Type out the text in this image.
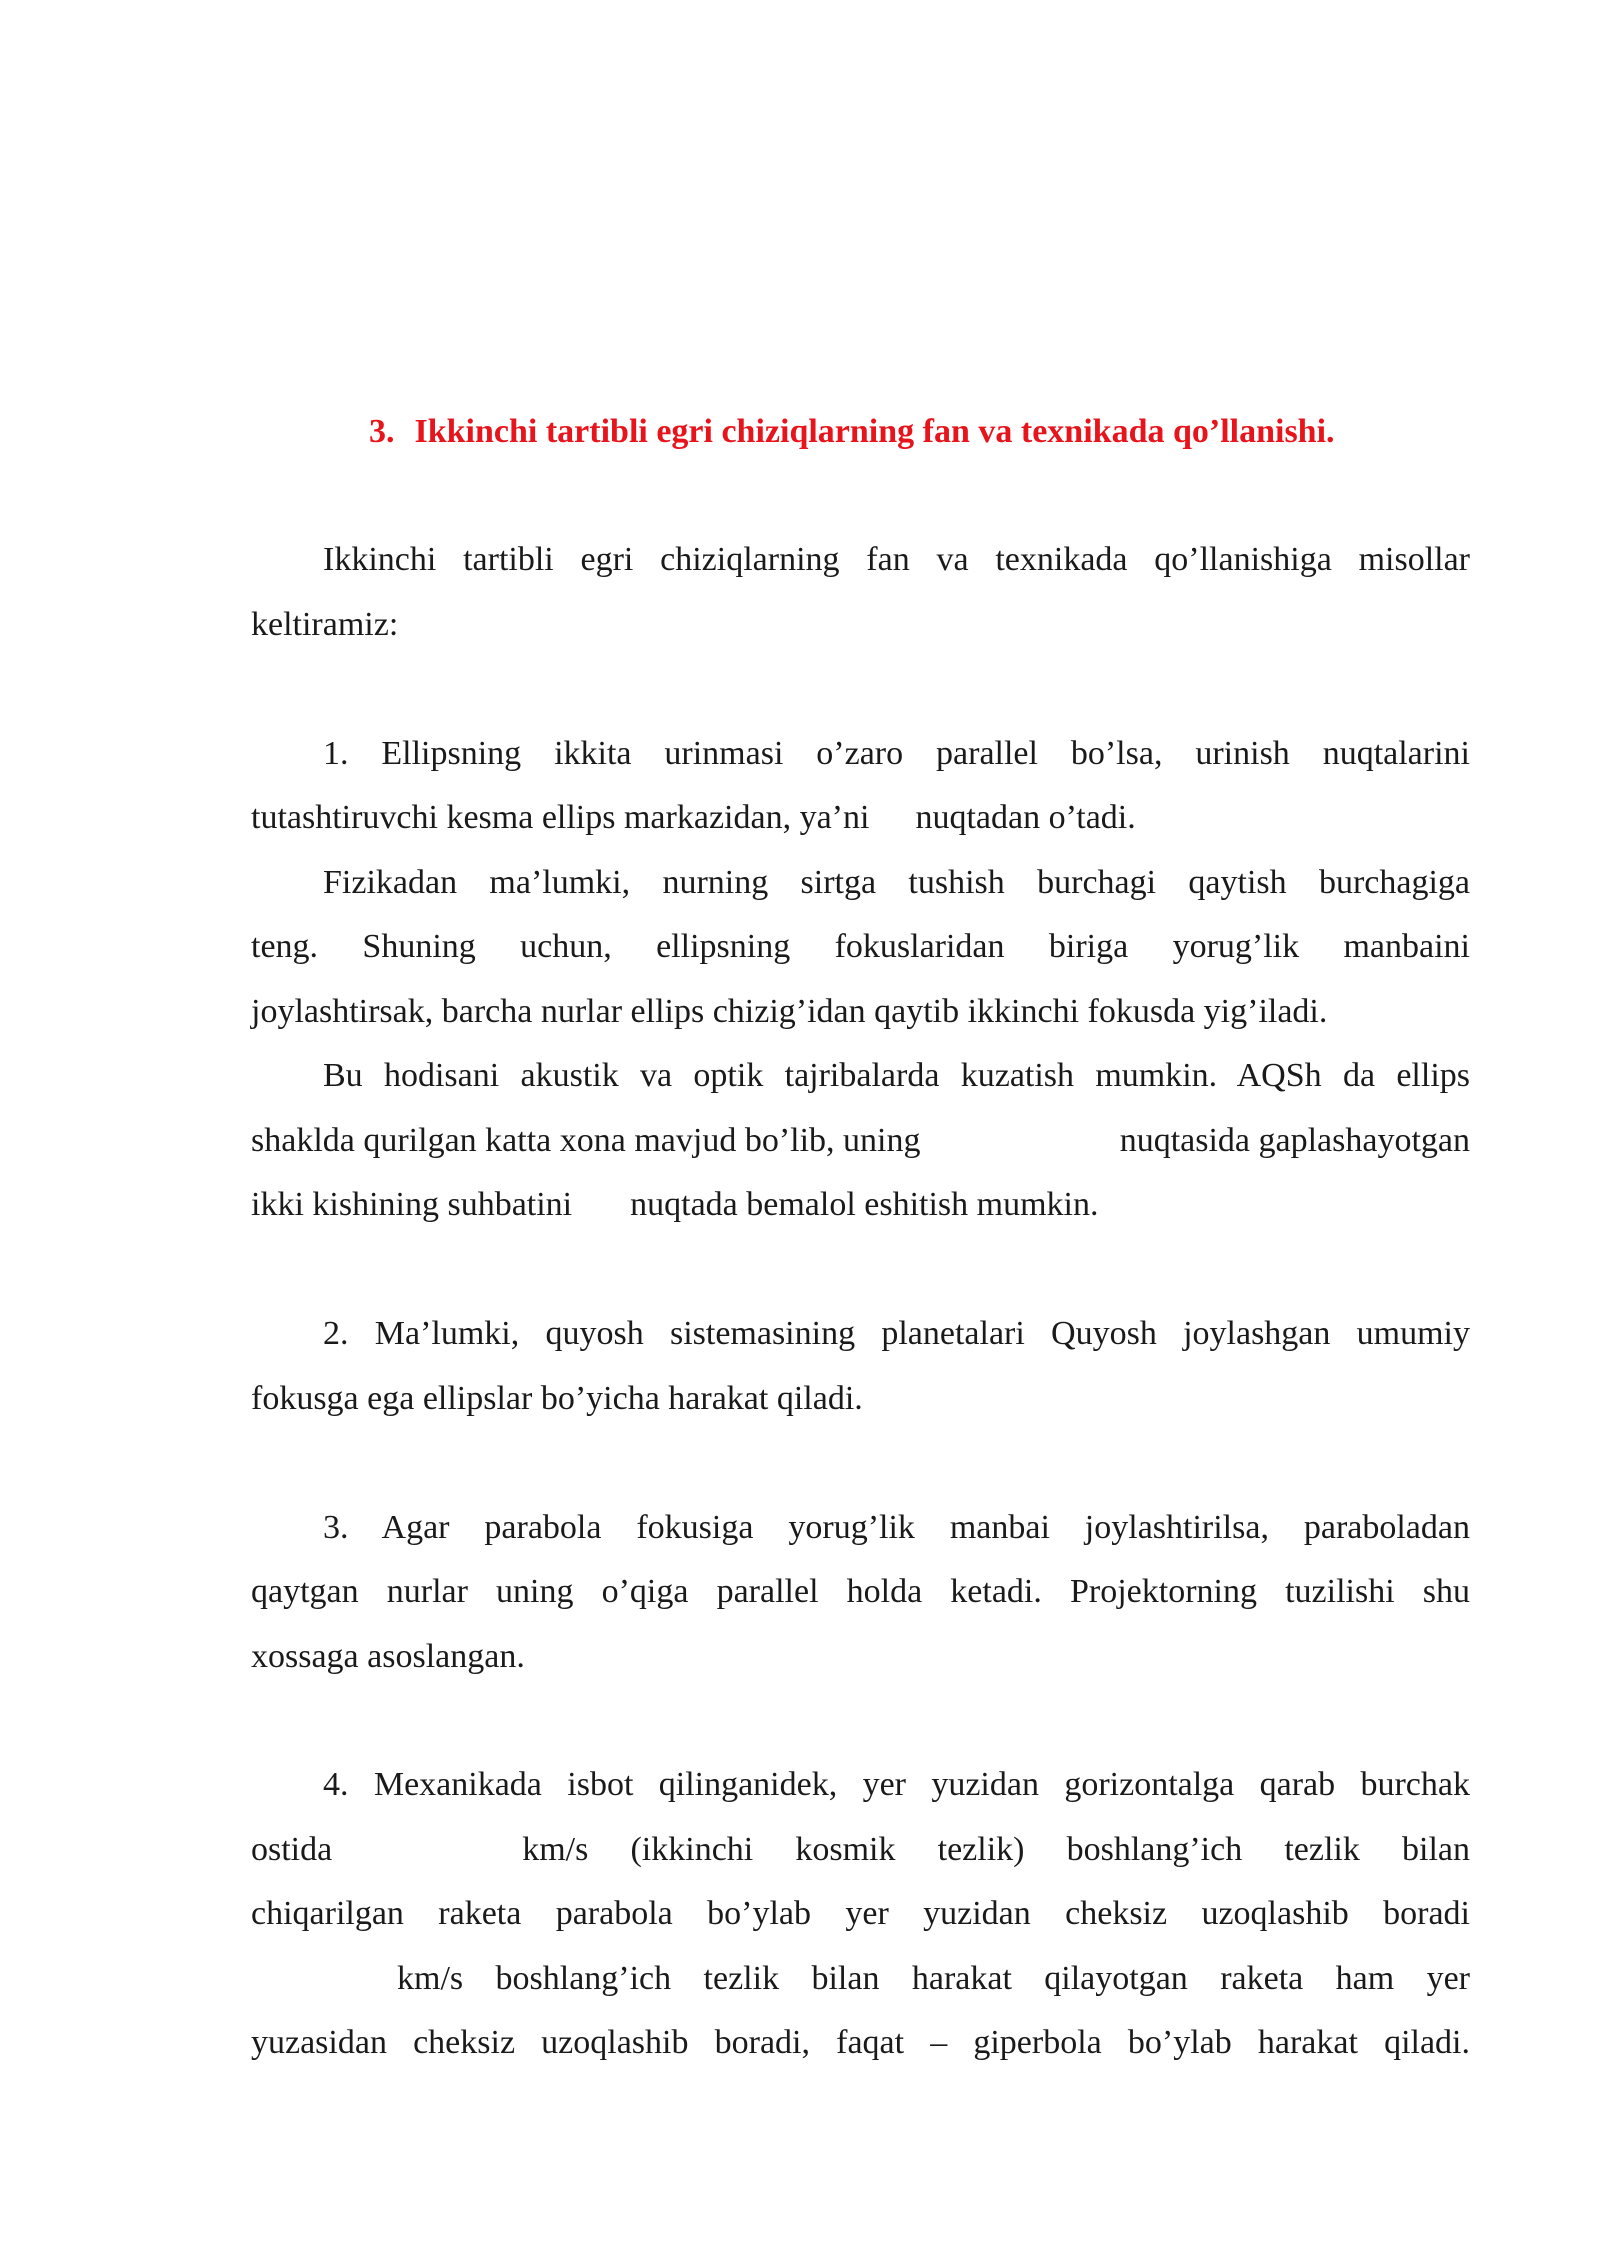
3. Ikkinchi tartibli egri chiziqlarning fan va texnikada qo’llanishi.
Ikkinchi tartibli egri chiziqlarning fan va texnikada qo’llanishiga misollar
keltiramiz:
1. Ellipsning ikkita urinmasi o’zaro parallel bo’lsa, urinish nuqtalarini
tutashtiruvchi kesma ellips markazidan, ya’ni nuqtadan o’tadi.
Fizikadan ma’lumki, nurning sirtga tushish burchagi qaytish burchagiga
teng. Shuning uchun, ellipsning fokuslaridan biriga yorug’lik manbaini
joylashtirsak, barcha nurlar ellips chizig’idan qaytib ikkinchi fokusda yig’iladi.
Bu hodisani akustik va optik tajribalarda kuzatish mumkin. AQSh da ellips
shaklda qurilgan katta xona mavjud bo’lib, uning	nuqtasida gaplashayotgan
ikki kishining suhbatini nuqtada bemalol eshitish mumkin.
2. Ma’lumki, quyosh sistemasining planetalari Quyosh joylashgan umumiy
fokusga ega ellipslar bo’yicha harakat qiladi.
3. Agar parabola fokusiga yorug’lik manbai joylashtirilsa, paraboladan
qaytgan nurlar uning o’qiga parallel holda ketadi. Projektorning tuzilishi shu
xossaga asoslangan.
4. Mexanikada isbot qilinganidek, yer yuzidan gorizontalga qarab burchak
ostida	km/s (ikkinchi kosmik tezlik) boshlang’ich tezlik bilan
chiqarilgan raketa parabola bo’ylab yer yuzidan cheksiz uzoqlashib boradi
km/s boshlang’ich tezlik bilan harakat qilayotgan raketa ham yer
yuzasidan cheksiz uzoqlashib boradi, faqat – giperbola bo’ylab harakat qiladi.
